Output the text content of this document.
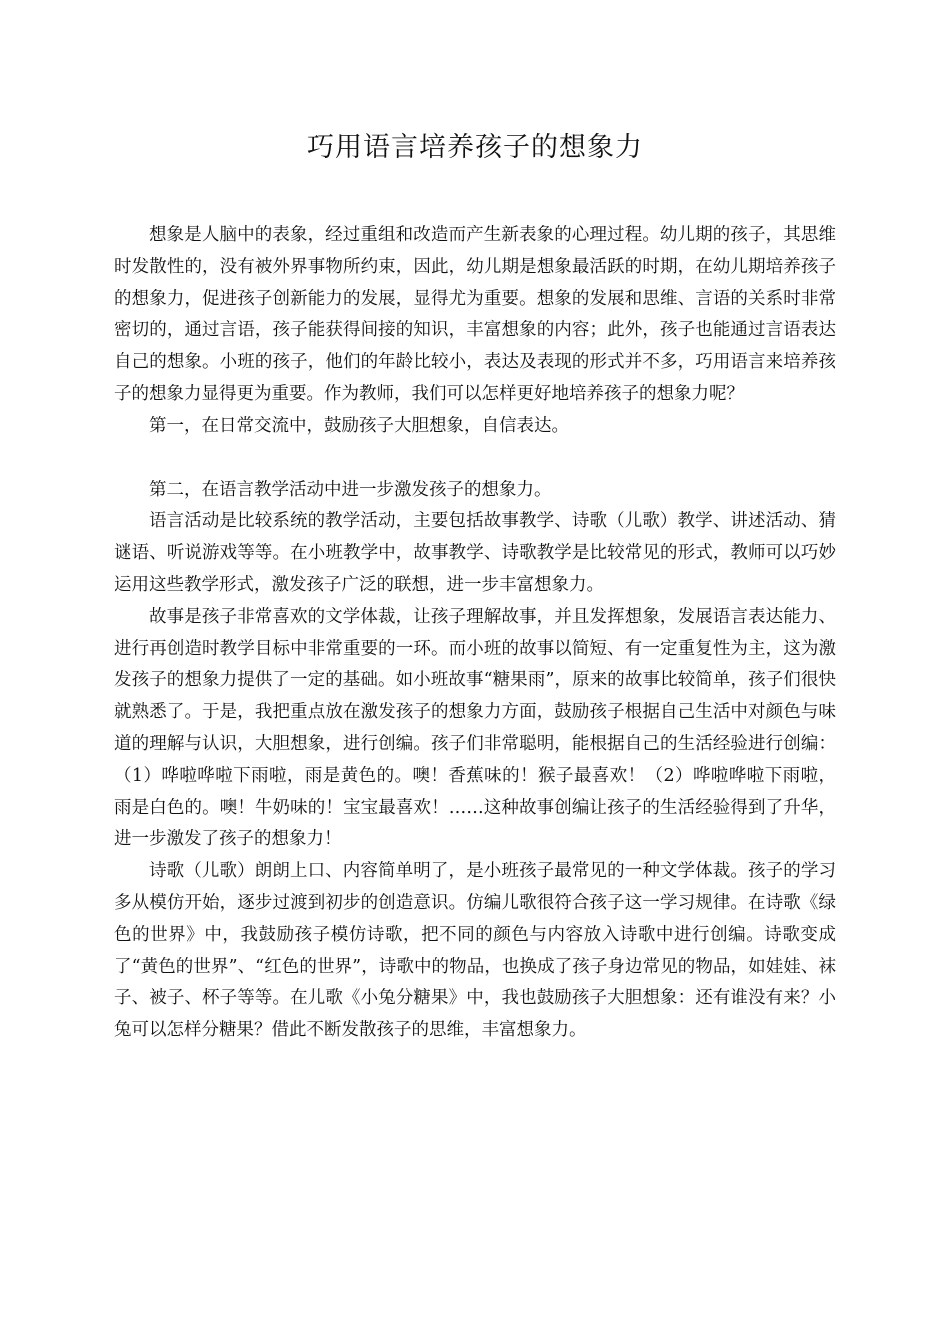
巧用语言培养孩子的想象力

想象是人脑中的表象，经过重组和改造而产生新表象的心理过程。幼儿期的孩子，其思维时发散性的，没有被外界事物所约束，因此，幼儿期是想象最活跃的时期，在幼儿期培养孩子的想象力，促进孩子创新能力的发展，显得尤为重要。想象的发展和思维、言语的关系时非常密切的，通过言语，孩子能获得间接的知识，丰富想象的内容；此外，孩子也能通过言语表达自己的想象。小班的孩子，他们的年龄比较小，表达及表现的形式并不多，巧用语言来培养孩子的想象力显得更为重要。作为教师，我们可以怎样更好地培养孩子的想象力呢？

第一，在日常交流中，鼓励孩子大胆想象，自信表达。

第二，在语言教学活动中进一步激发孩子的想象力。

语言活动是比较系统的教学活动，主要包括故事教学、诗歌（儿歌）教学、讲述活动、猜谜语、听说游戏等等。在小班教学中，故事教学、诗歌教学是比较常见的形式，教师可以巧妙运用这些教学形式，激发孩子广泛的联想，进一步丰富想象力。

故事是孩子非常喜欢的文学体裁，让孩子理解故事，并且发挥想象，发展语言表达能力、进行再创造时教学目标中非常重要的一环。而小班的故事以简短、有一定重复性为主，这为激发孩子的想象力提供了一定的基础。如小班故事“糖果雨”，原来的故事比较简单，孩子们很快就熟悉了。于是，我把重点放在激发孩子的想象力方面，鼓励孩子根据自己生活中对颜色与味道的理解与认识，大胆想象，进行创编。孩子们非常聪明，能根据自己的生活经验进行创编：（1）哗啦哗啦下雨啦，雨是黄色的。噢！香蕉味的！猴子最喜欢！（2）哗啦哗啦下雨啦，雨是白色的。噢！牛奶味的！宝宝最喜欢！……这种故事创编让孩子的生活经验得到了升华，进一步激发了孩子的想象力！

诗歌（儿歌）朗朗上口、内容简单明了，是小班孩子最常见的一种文学体裁。孩子的学习多从模仿开始，逐步过渡到初步的创造意识。仿编儿歌很符合孩子这一学习规律。在诗歌《绿色的世界》中，我鼓励孩子模仿诗歌，把不同的颜色与内容放入诗歌中进行创编。诗歌变成了“黄色的世界”、“红色的世界”，诗歌中的物品，也换成了孩子身边常见的物品，如娃娃、袜子、被子、杯子等等。在儿歌《小兔分糖果》中，我也鼓励孩子大胆想象：还有谁没有来？小兔可以怎样分糖果？借此不断发散孩子的思维，丰富想象力。
